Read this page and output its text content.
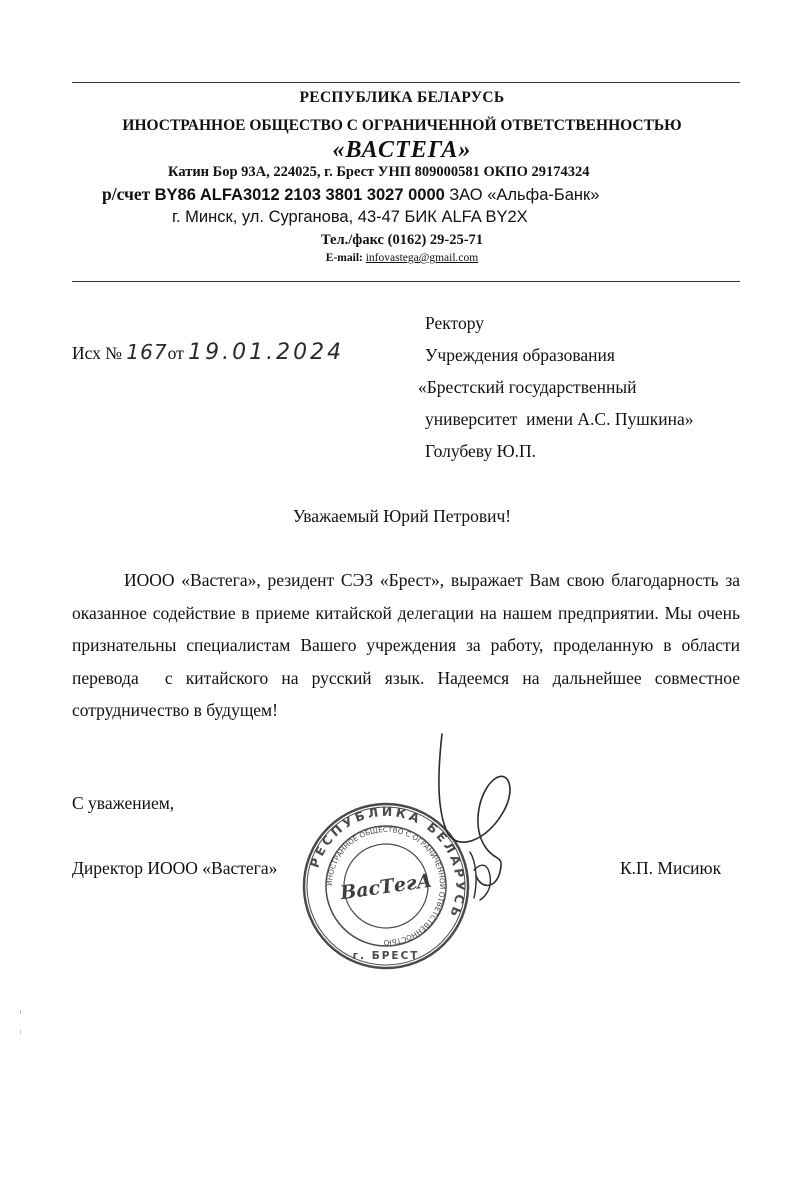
РЕСПУБЛИКА БЕЛАРУСЬ
ИНОСТРАННОЕ ОБЩЕСТВО С ОГРАНИЧЕННОЙ ОТВЕТСТВЕННОСТЬЮ
«ВАСТЕГА»
Катин Бор 93А, 224025, г. Брест УНП 809000581 ОКПО 29174324
р/счет BY86 ALFA3012 2103 3801 3027 0000 ЗАО «Альфа-Банк»
г. Минск, ул. Сурганова, 43-47 БИК ALFA BY2X
Тел./факс (0162) 29-25-71
E-mail: infovastega@gmail.com
Исх № 167от 19.01.2024
Ректору
Учреждения образования
«Брестский государственный
университет  имени А.С. Пушкина»
Голубеву Ю.П.
Уважаемый Юрий Петрович!

ИООО «Вастега», резидент СЭЗ «Брест», выражает Вам свою благодарность за оказанное содействие в приеме китайской делегации на нашем предприятии. Мы очень признательны специалистам Вашего учреждения за работу, проделанную в области перевода  с китайского на русский язык. Надеемся на дальнейшее совместное сотрудничество в будущем!

С уважением,
Директор ИООО «Вастега»	К.П. Мисиюк
РЕСПУБЛИКА БЕЛАРУСЬ
ИНОСТРАННОЕ ОБЩЕСТВО С ОГРАНИЧЕННОЙ ОТВЕТСТВЕННОСТЬЮ
г. БРЕСТ
ВасТегА
